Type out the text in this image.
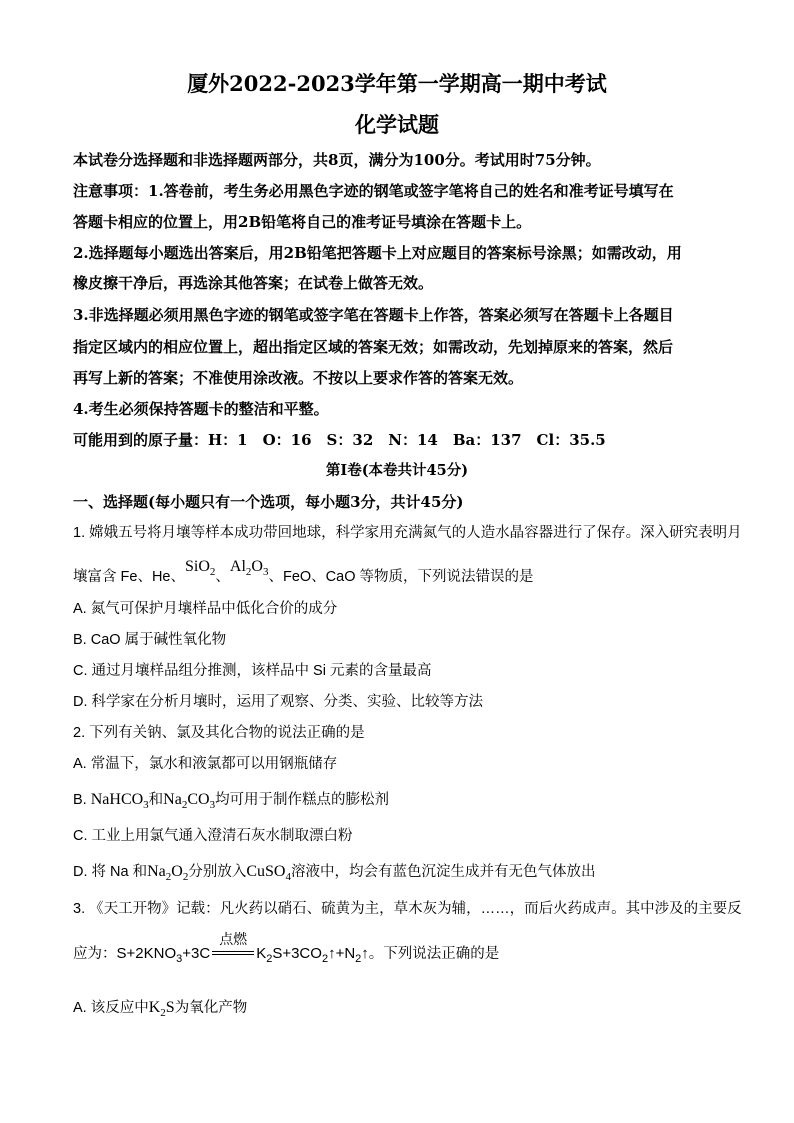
厦外2022-2023学年第一学期高一期中考试
化学试题
本试卷分选择题和非选择题两部分，共8页，满分为100分。考试用时75分钟。
注意事项：1.答卷前，考生务必用黑色字迹的钢笔或签字笔将自己的姓名和准考证号填写在
答题卡相应的位置上，用2B铅笔将自己的准考证号填涂在答题卡上。
2.选择题每小题选出答案后，用2B铅笔把答题卡上对应题目的答案标号涂黑；如需改动，用
橡皮擦干净后，再选涂其他答案；在试卷上做答无效。
3.非选择题必须用黑色字迹的钢笔或签字笔在答题卡上作答，答案必须写在答题卡上各题目
指定区域内的相应位置上，超出指定区域的答案无效；如需改动，先划掉原来的答案，然后
再写上新的答案；不准使用涂改液。不按以上要求作答的答案无效。
4.考生必须保持答题卡的整洁和平整。
可能用到的原子量：H：1　O：16　S：32　N：14　Ba：137　Cl：35.5
第Ⅰ卷(本卷共计45分)
一、选择题(每小题只有一个选项，每小题3分，共计45分)
1. 嫦娥五号将月壤等样本成功带回地球，科学家用充满氮气的人造水晶容器进行了保存。深入研究表明月
壤富含 Fe、He、SiO$_2$、$Al_2O_3$、FeO、CaO 等物质，下列说法错误的是
A. 氮气可保护月壤样品中低化合价的成分
B. CaO 属于碱性氧化物
C. 通过月壤样品组分推测，该样品中 Si 元素的含量最高
D. 科学家在分析月壤时，运用了观察、分类、实验、比较等方法
2. 下列有关钠、氯及其化合物的说法正确的是
A. 常温下，氯水和液氯都可以用钢瓶储存
B. NaHCO$_3$和$Na_2CO_3$均可用于制作糕点的膨松剂
C. 工业上用氯气通入澄清石灰水制取漂白粉
D. 将 Na 和$Na_2O_2$分别放入CuSO$_4$溶液中，均会有蓝色沉淀生成并有无色气体放出
3. 《天工开物》记载：凡火药以硝石、硫黄为主，草木灰为辅，……，而后火药成声。其中涉及的主要反
应为：$S+2KNO_3+3C$
点燃
$K_2S+3CO_2↑+N_2↑$。下列说法正确的是
A. 该反应中$K_2S$为氧化产物
